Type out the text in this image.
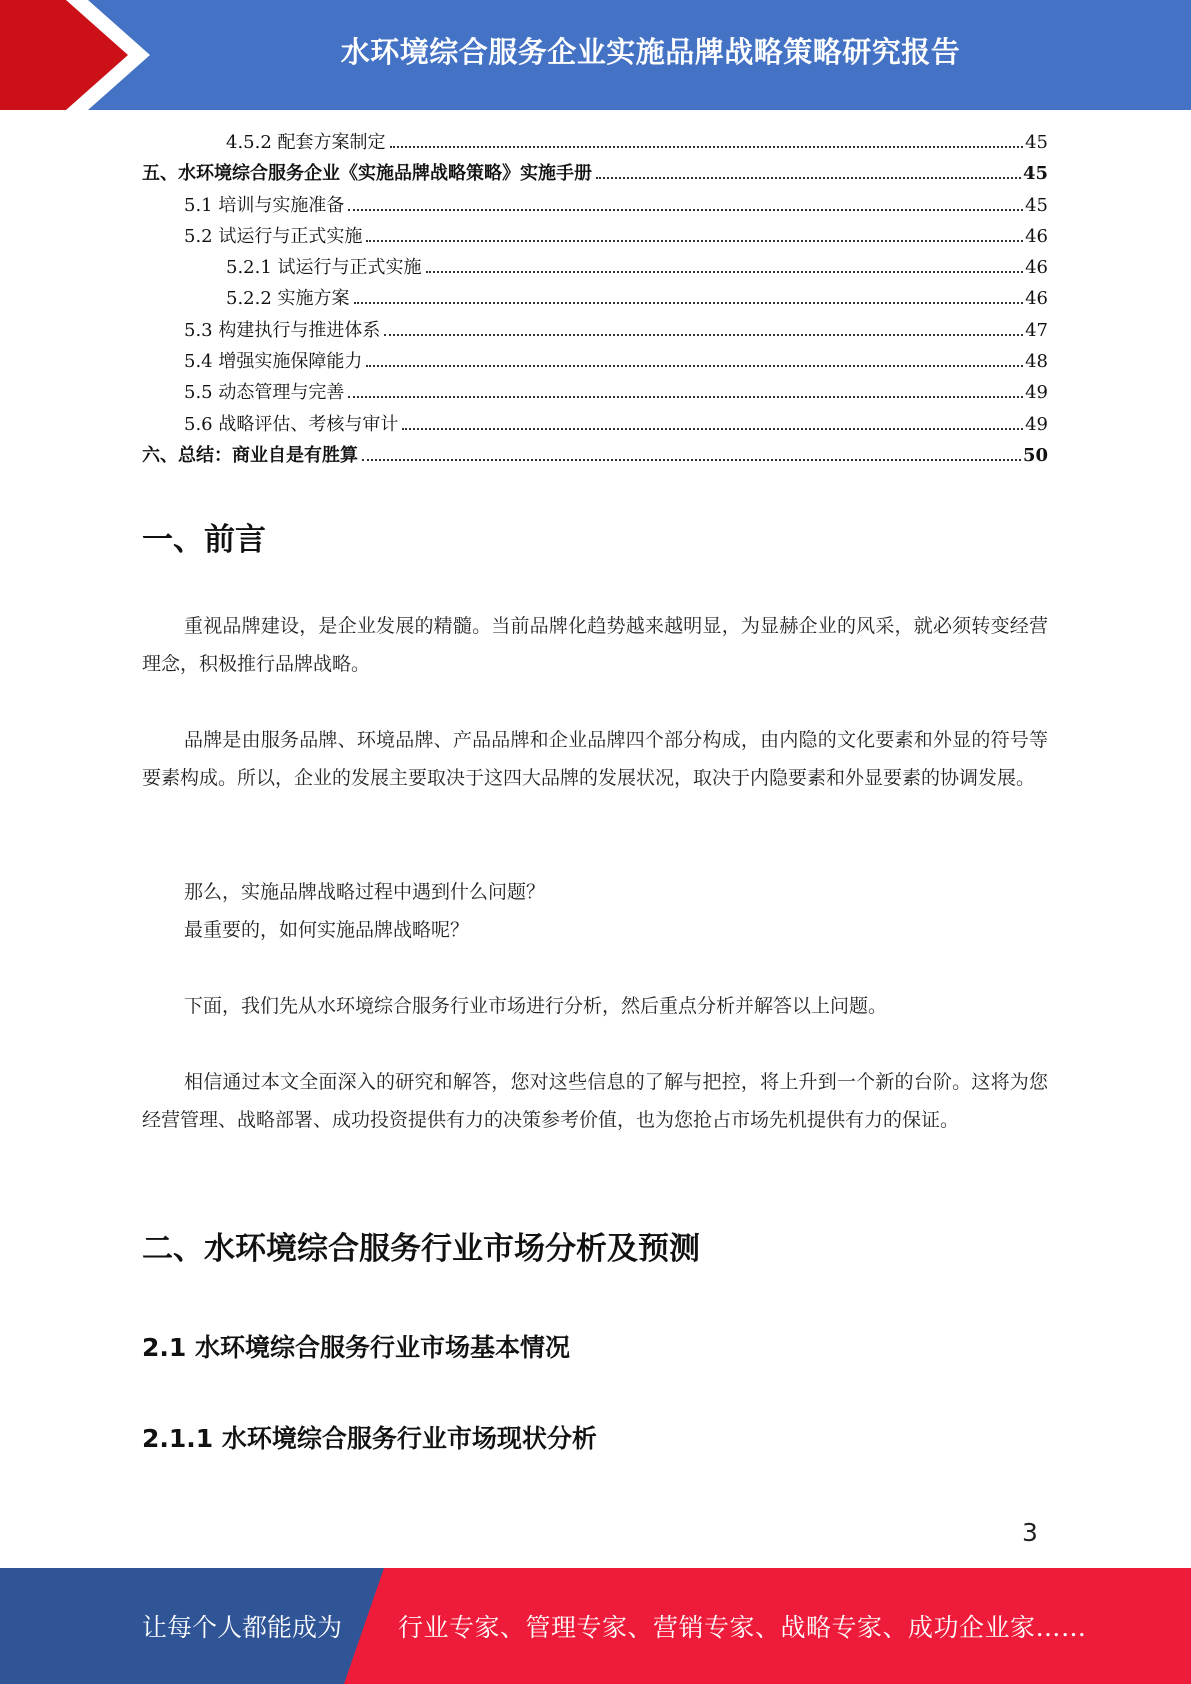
水环境综合服务企业实施品牌战略策略研究报告
4.5.2 配套方案制定	45
五、水环境综合服务企业《实施品牌战略策略》实施手册	45
5.1 培训与实施准备	45
5.2 试运行与正式实施	46
5.2.1 试运行与正式实施	46
5.2.2 实施方案	46
5.3 构建执行与推进体系	47
5.4 增强实施保障能力	48
5.5 动态管理与完善	49
5.6 战略评估、考核与审计	49
六、总结：商业自是有胜算	50
一、前言

重视品牌建设，是企业发展的精髓。当前品牌化趋势越来越明显，为显赫企业的风采，就必须转变经营理念，积极推行品牌战略。

品牌是由服务品牌、环境品牌、产品品牌和企业品牌四个部分构成，由内隐的文化要素和外显的符号等要素构成。所以，企业的发展主要取决于这四大品牌的发展状况，取决于内隐要素和外显要素的协调发展。

那么，实施品牌战略过程中遇到什么问题？

最重要的，如何实施品牌战略呢？

下面，我们先从水环境综合服务行业市场进行分析，然后重点分析并解答以上问题。

相信通过本文全面深入的研究和解答，您对这些信息的了解与把控，将上升到一个新的台阶。这将为您经营管理、战略部署、成功投资提供有力的决策参考价值，也为您抢占市场先机提供有力的保证。

二、水环境综合服务行业市场分析及预测
2.1 水环境综合服务行业市场基本情况
2.1.1 水环境综合服务行业市场现状分析
3
让每个人都能成为 行业专家、管理专家、营销专家、战略专家、成功企业家……
